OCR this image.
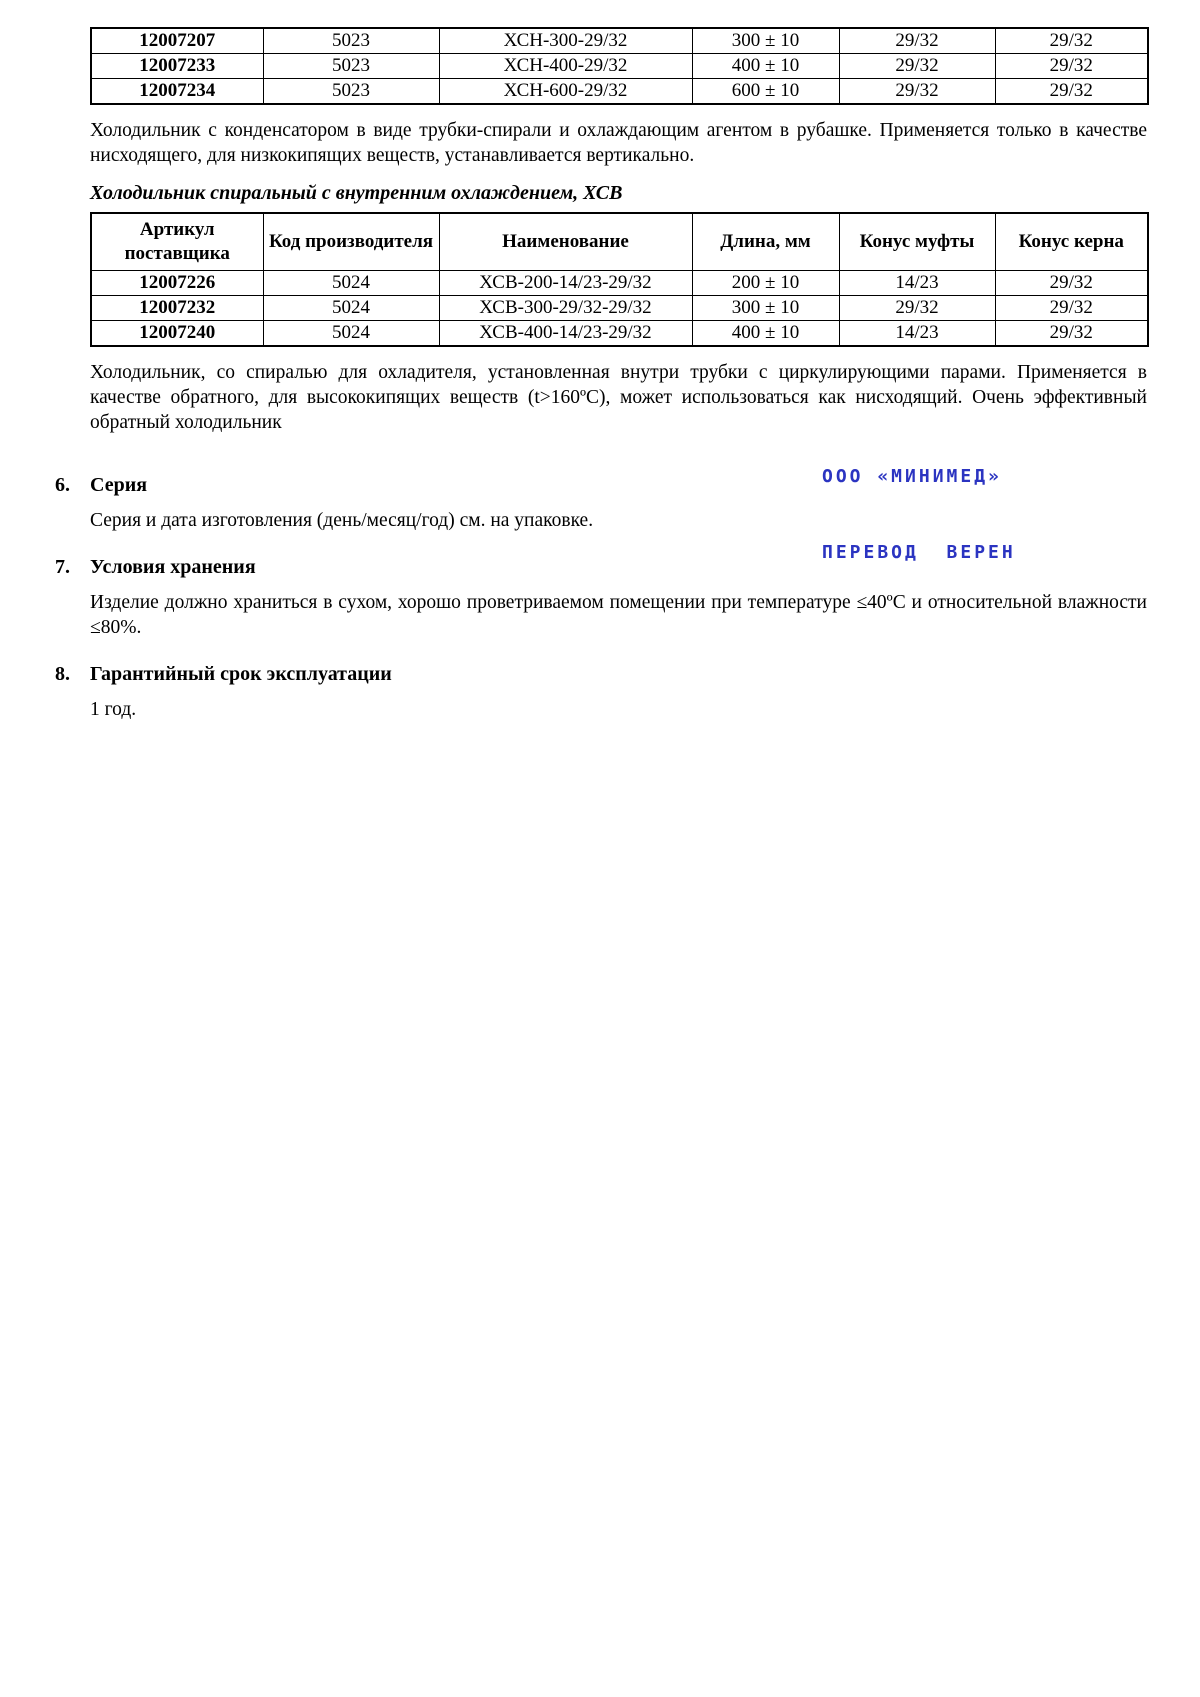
12007207	5023	ХСН-300-29/32	300 ± 10	29/32	29/32
12007233	5023	ХСН-400-29/32	400 ± 10	29/32	29/32
12007234	5023	ХСН-600-29/32	600 ± 10	29/32	29/32

Холодильник с конденсатором в виде трубки-спирали и охлаждающим агентом в рубашке. Применяется только в качестве нисходящего, для низкокипящих веществ, устанавливается вертикально.

Холодильник спиральный с внутренним охлаждением, ХСВ
Артикул поставщика	Код производителя	Наименование	Длина, мм	Конус муфты	Конус керна
12007226	5024	ХСВ-200-14/23-29/32	200 ± 10	14/23	29/32
12007232	5024	ХСВ-300-29/32-29/32	300 ± 10	29/32	29/32
12007240	5024	ХСВ-400-14/23-29/32	400 ± 10	14/23	29/32

Холодильник, со спиралью для охладителя, установленная внутри трубки с циркулирующими парами. Применяется в качестве обратного, для высококипящих веществ (t>160ºС), может использоваться как нисходящий. Очень эффективный обратный холодильник

6. Серия

Серия и дата изготовления (день/месяц/год) см. на упаковке.

7. Условия хранения

Изделие должно храниться в сухом, хорошо проветриваемом помещении при температуре ≤40ºС и относительной влажности ≤80%.

8. Гарантийный срок эксплуатации

1 год.

ООО «МИНИМЕД»

ПЕРЕВОД  ВЕРЕН
